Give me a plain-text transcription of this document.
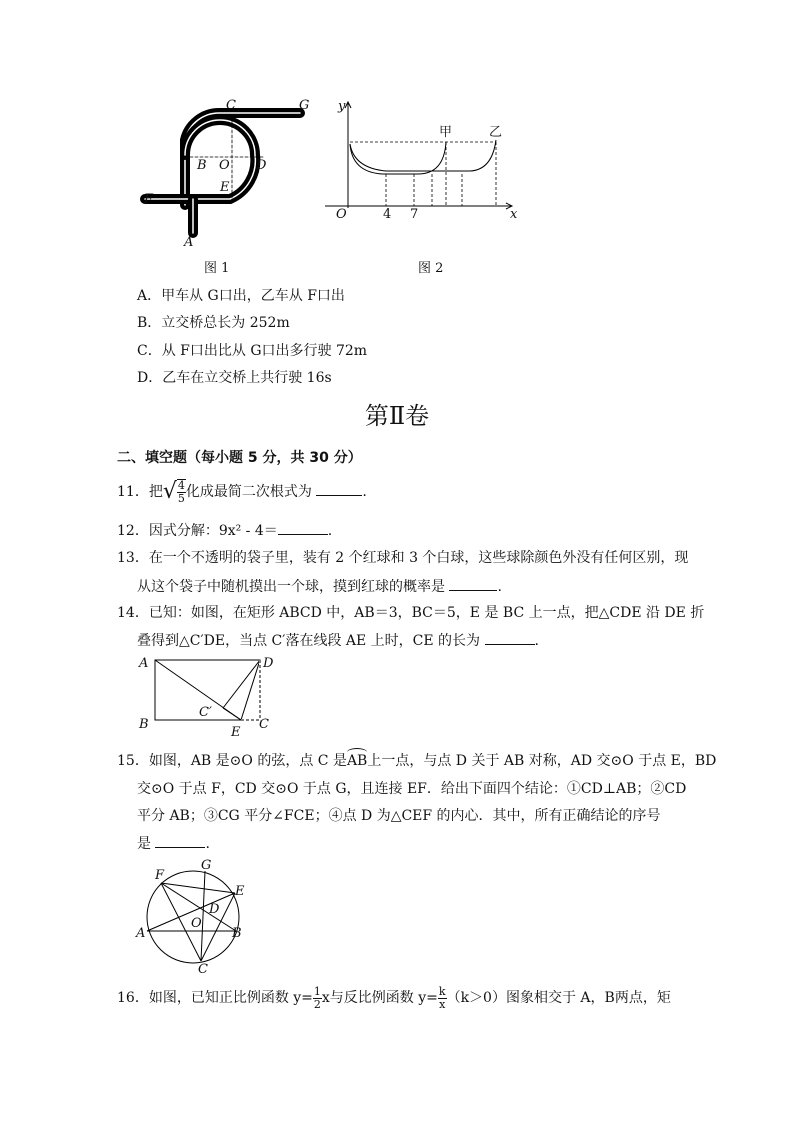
C	G
B O D
E
F
A
图 1
y
x
O	4 7
甲	乙
图 2
A．甲车从 G口出，乙车从 F口出
B．立交桥总长为 252m
C．从 F口出比从 G口出多行驶 72m
D．乙车在立交桥上共行驶 16s
第Ⅱ卷
二、填空题（每小题 5 分，共 30 分）
11．把√ $\frac{4}{5}$ 化成最简二次根式为	.
12．因式分解：9x² - 4＝	.
13．在一个不透明的袋子里，装有 2 个红球和 3 个白球，这些球除颜色外没有任何区别，现
从这个袋子中随机摸出一个球，摸到红球的概率是	.
14．已知：如图，在矩形 ABCD 中，AB＝3，BC＝5，E 是 BC 上一点，把△CDE 沿 DE 折
叠得到△C′DE，当点 C′落在线段 AE 上时，CE 的长为	.
A	D
B	C
E
C′
15．如图，AB 是⊙O 的弦，点 C 是
AB上一点，与点 D 关于 AB 对称，AD 交⊙O 于点 E，BD
交⊙O 于点 F，CD 交⊙O 于点 G，且连接 EF．给出下面四个结论：①CD⊥AB；②CD
平分 AB；③CG 平分∠FCE；④点 D 为△CEF 的内心．其中，所有正确结论的序号
是	.
F
G
E
D
O
A	B
C
16．如图，已知正比例函数 $y= \frac{1}{2}$ x与反比例函数 $y= \frac{k}{x} (k>0)$图象相交于 A，B两点，矩
